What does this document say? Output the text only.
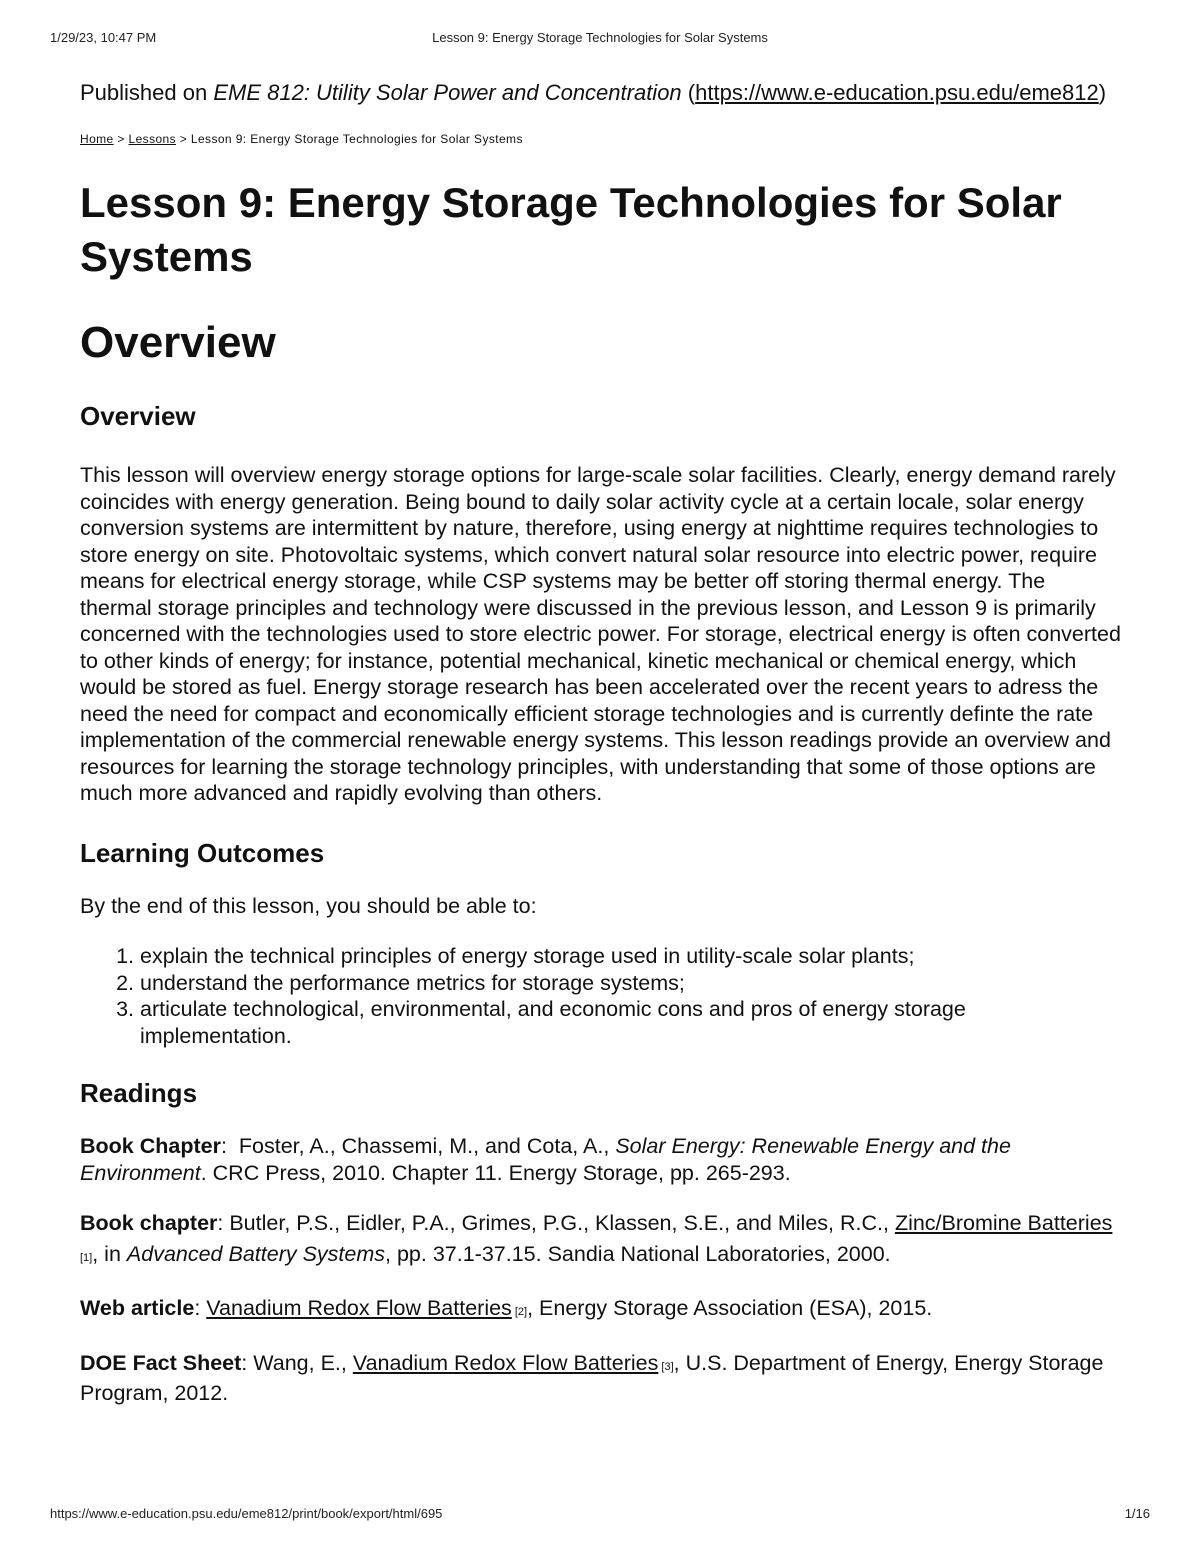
1/29/23, 10:47 PM	Lesson 9: Energy Storage Technologies for Solar Systems

Published on EME 812: Utility Solar Power and Concentration (https://www.e-education.psu.edu/eme812)

Home > Lessons > Lesson 9: Energy Storage Technologies for Solar Systems
Lesson 9: Energy Storage Technologies for Solar Systems
Overview
Overview

This lesson will overview energy storage options for large-scale solar facilities. Clearly, energy demand rarely coincides with energy generation. Being bound to daily solar activity cycle at a certain locale, solar energy conversion systems are intermittent by nature, therefore, using energy at nighttime requires technologies to store energy on site. Photovoltaic systems, which convert natural solar resource into electric power, require means for electrical energy storage, while CSP systems may be better off storing thermal energy. The thermal storage principles and technology were discussed in the previous lesson, and Lesson 9 is primarily concerned with the technologies used to store electric power. For storage, electrical energy is often converted to other kinds of energy; for instance, potential mechanical, kinetic mechanical or chemical energy, which would be stored as fuel. Energy storage research has been accelerated over the recent years to adress the need the need for compact and economically efficient storage technologies and is currently definte the rate implementation of the commercial renewable energy systems. This lesson readings provide an overview and resources for learning the storage technology principles, with understanding that some of those options are much more advanced and rapidly evolving than others.

Learning Outcomes

By the end of this lesson, you should be able to:

1. explain the technical principles of energy storage used in utility-scale solar plants;
2. understand the performance metrics for storage systems;
3. articulate technological, environmental, and economic cons and pros of energy storage implementation.
Readings

Book Chapter:  Foster, A., Chassemi, M., and Cota, A., Solar Energy: Renewable Energy and the Environment. CRC Press, 2010. Chapter 11. Energy Storage, pp. 265-293.

Book chapter: Butler, P.S., Eidler, P.A., Grimes, P.G., Klassen, S.E., and Miles, R.C., Zinc/Bromine Batteries [1], in Advanced Battery Systems, pp. 37.1-37.15. Sandia National Laboratories, 2000.

Web article: Vanadium Redox Flow Batteries [2], Energy Storage Association (ESA), 2015.

DOE Fact Sheet: Wang, E., Vanadium Redox Flow Batteries [3], U.S. Department of Energy, Energy Storage Program, 2012.

https://www.e-education.psu.edu/eme812/print/book/export/html/695	1/16
